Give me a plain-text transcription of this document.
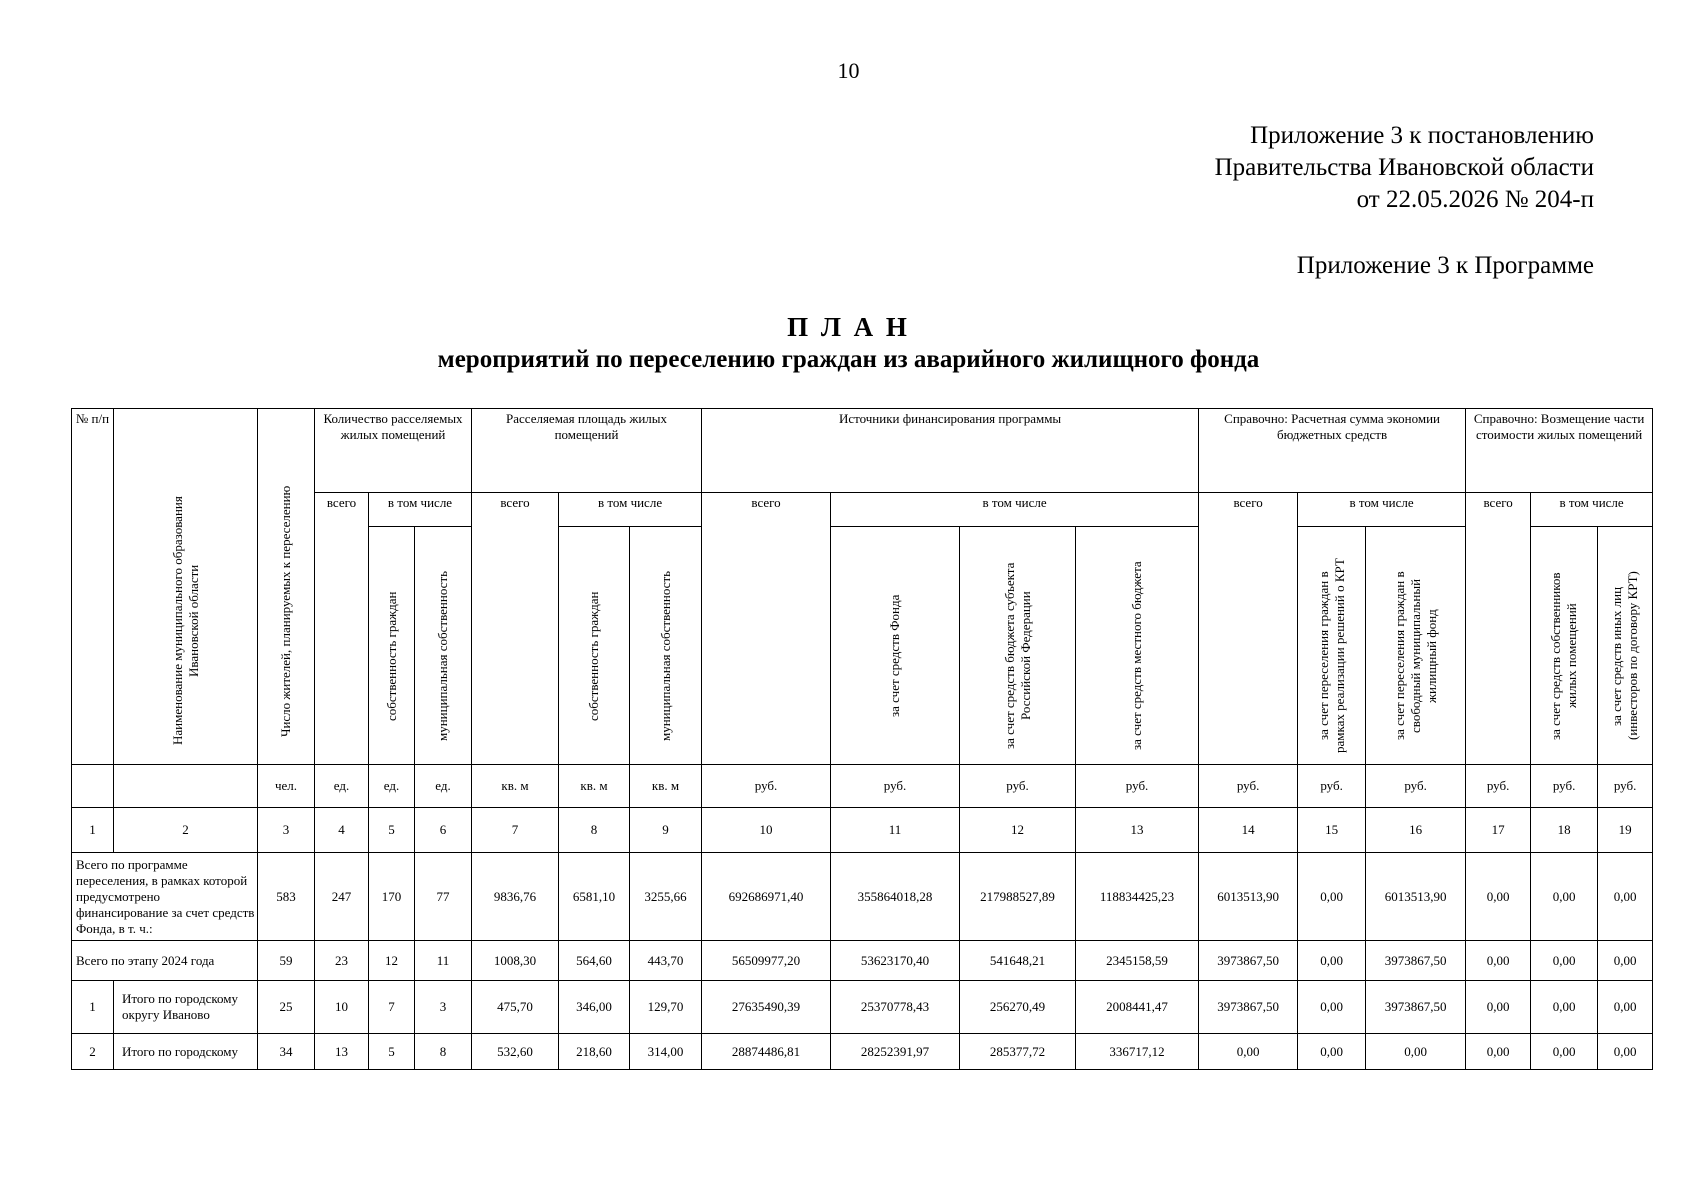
10
Приложение 3 к постановлению
Правительства Ивановской области
от 22.05.2026 № 204-п
Приложение 3 к Программе
П Л А Н
мероприятий по переселению граждан из аварийного жилищного фонда
№ п/п	Наименование муниципального образования Ивановской области	Число жителей, планируемых к переселению	Количество расселяемых жилых помещений			Расселяемая площадь жилых помещений			Источники финансирования программы				Справочно: Расчетная сумма экономии бюджетных средств			Справочно: Возмещение части стоимости жилых помещений		
			всего	в том числе		всего	в том числе		всего	в том числе			всего	в том числе		всего	в том числе	
				собственность граждан	муниципальная собственность		собственность граждан	муниципальная собственность		за счет средств Фонда	за счет средств бюджета субъекта Российской Федерации	за счет средств местного бюджета		за счет переселения граждан в рамках реализации решений о КРТ	за счет переселения граждан в свободный муниципальный жилищный фонд		за счет средств собственников жилых помещений	за счет средств иных лиц (инвесторов по договору КРТ)
		чел.	ед.	ед.	ед.	кв. м	кв. м	кв. м	руб.	руб.	руб.	руб.	руб.	руб.	руб.	руб.	руб.	руб.
1	2	3	4	5	6	7	8	9	10	11	12	13	14	15	16	17	18	19
Всего по программе переселения, в рамках которой предусмотрено финансирование за счет средств Фонда, в т. ч.:		583	247	170	77	9836,76	6581,10	3255,66	692686971,40	355864018,28	217988527,89	118834425,23	6013513,90	0,00	6013513,90	0,00	0,00	0,00
Всего по этапу 2024 года		59	23	12	11	1008,30	564,60	443,70	56509977,20	53623170,40	541648,21	2345158,59	3973867,50	0,00	3973867,50	0,00	0,00	0,00
1	Итого по городскому округу Иваново	25	10	7	3	475,70	346,00	129,70	27635490,39	25370778,43	256270,49	2008441,47	3973867,50	0,00	3973867,50	0,00	0,00	0,00
2	Итого по городскому	34	13	5	8	532,60	218,60	314,00	28874486,81	28252391,97	285377,72	336717,12	0,00	0,00	0,00	0,00	0,00	0,00
